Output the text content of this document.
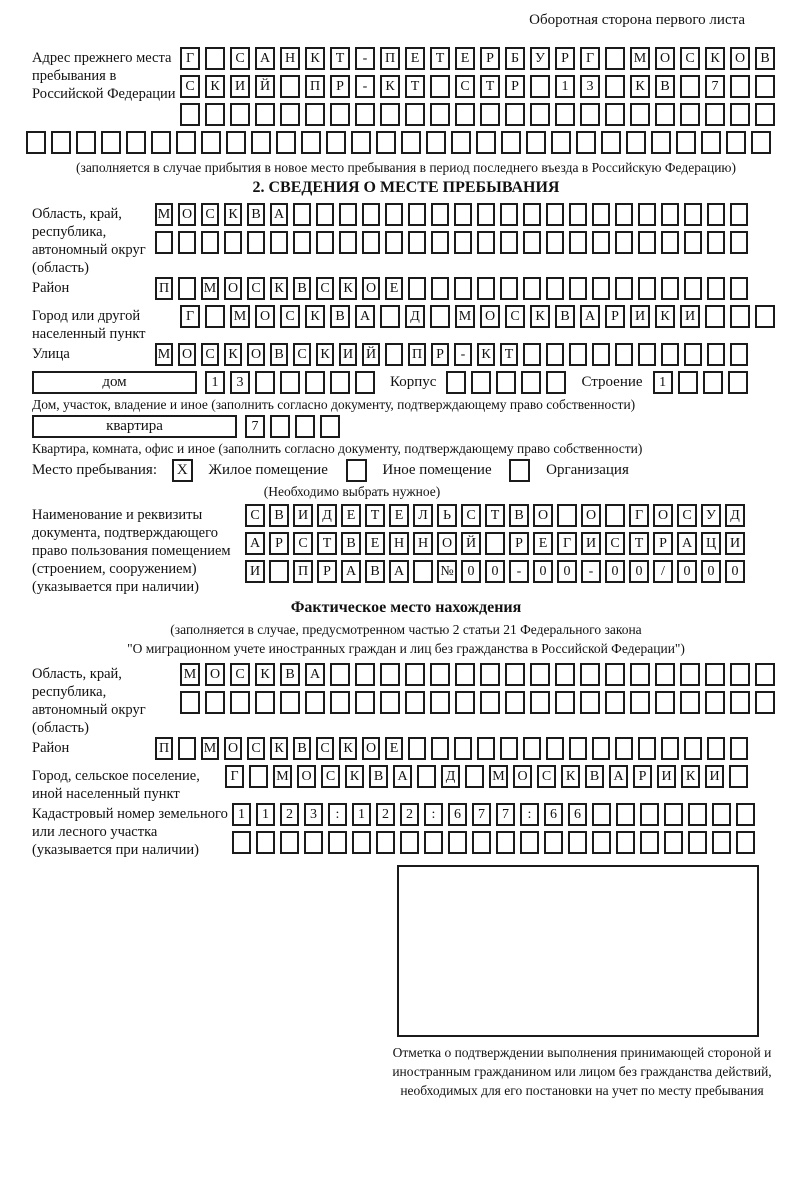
Оборотная сторона первого листа
Адрес прежнего места пребывания в Российской Федерации
Г	С А Н К Т - П Е Т Е Р Б У Р Г	М О С К О В
С К И Й	П Р - К Т	С Т Р	1 3	К В	7
(заполняется в случае прибытия в новое место пребывания в период последнего въезда в Российскую Федерацию)
2. СВЕДЕНИЯ О МЕСТЕ ПРЕБЫВАНИЯ
Область, край, республика, автономный округ (область)
М О С К В А
Район	П М О С К В С К О Е
Город или другой населенный пункт
Г	М О С К В А	Д	М О С К В А Р И К И
Улица	М О С К О В С К И Й	П Р - К Т
дом	1 3	Корпус	Строение	1
Дом, участок, владение и иное (заполнить согласно документу, подтверждающему право собственности)
квартира	7
Квартира, комната, офис и иное (заполнить согласно документу, подтверждающему право собственности)
Место пребывания: X Жилое помещение	Иное помещение	Организация
(Необходимо выбрать нужное)
Наименование и реквизиты документа, подтверждающего право пользования помещением (строением, сооружением) (указывается при наличии)
С В И Д Е Т Е Л Ь С Т В О	О	Г О С У Д
А Р С Т В Е Н Н О Й	Р Е Г И С Т Р А Ц И
И	П Р А В А	№ 0 0 - 0 0 - 0 0 / 0 0 0
Фактическое место нахождения
(заполняется в случае, предусмотренном частью 2 статьи 21 Федерального закона
"О миграционном учете иностранных граждан и лиц без гражданства в Российской Федерации")
Область, край, республика, автономный округ (область)
М О С К В А
Район	П М О С К В С К О Е
Город, сельское поселение, иной населенный пункт
Г	М О С К В А	Д	М О С К В А Р И К И
Кадастровый номер земельного или лесного участка (указывается при наличии)
1 1 2 3 : 1 2 2 : 6 7 7 : 6 6
Отметка о подтверждении выполнения принимающей стороной и иностранным гражданином или лицом без гражданства действий, необходимых для его постановки на учет по месту пребывания
